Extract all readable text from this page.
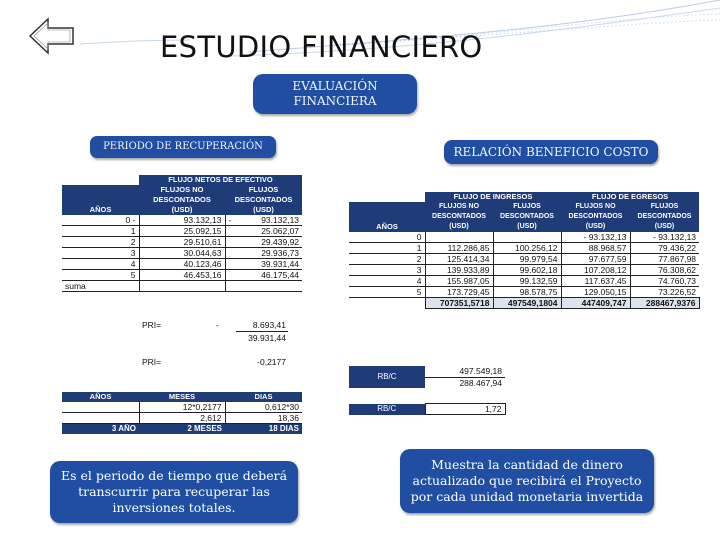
ESTUDIO FINANCIERO
EVALUACIÓN FINANCIERA
PERIODO DE RECUPERACIÓN	RELACIÓN BENEFICIO COSTO
	FLUJO NETOS DE EFECTIVO	
AÑOS	FLUJOS NO DESCONTADOS (USD)	FLUJOS DESCONTADOS (USD)
0 -	93.132,13	- 93.132,13
1	25.092,15	25.062,07
2	29.510,61	29.439,92
3	30.044,63	29.936,73
4	40.123,46	39.931,44
5	46.453,16	46.175,44
suma		
PRI=	-	8.693,41
39.931,44
PRI=	-0,2177
AÑOS	MESES	DIAS
	12*0,2177	0,612*30
	2,612	18,36
3 AÑO	2 MESES	18 DIAS
	FLUJO DE INGRESOS		FLUJO DE EGRESOS	
AÑOS	FLUJOS NO DESCONTADOS (USD)	FLUJOS DESCONTADOS (USD)	FLUJOS NO DESCONTADOS (USD)	FLUJOS DESCONTADOS (USD)
0			- 93.132,13	- 93.132,13
1	112.286,85	100.256,12	88.968,57	79.436,22
2	125.414,34	99.979,54	97.677,59	77.867,98
3	139.933,89	99.602,18	107.208,12	76.308,62
4	155.987,05	99.132,59	117.637,45	74.760,73
5	173.729,45	98.578,75	129.050,15	73.226,52
	707351,5718	497549,1804	447409,747	288467,9376
RB/C	497.549,18
288.467,94
RB/C	1,72
Es el periodo de tiempo que deberá transcurrir para recuperar las inversiones totales.
Muestra la cantidad de dinero actualizado que recibirá el Proyecto por cada unidad monetaria invertida
